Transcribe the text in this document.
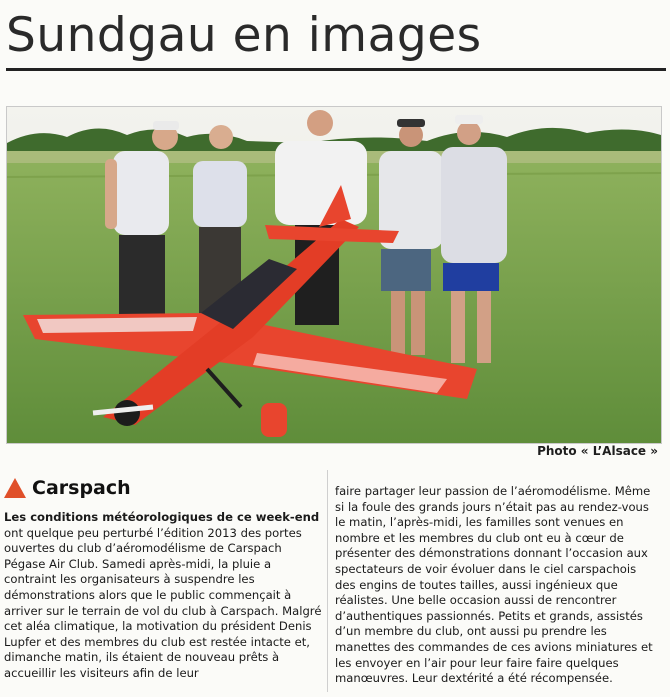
Sundgau en images
Photo « L’Alsace »
Carspach
Les conditions météorologiques de ce week-end ont quelque peu perturbé l’édition 2013 des portes ouvertes du club d’aéromodélisme de Carspach Pégase Air Club. Samedi après-midi, la pluie a contraint les organisateurs à suspendre les démonstrations alors que le public commençait à arriver sur le terrain de vol du club à Carspach. Malgré cet aléa climatique, la motivation du président Denis Lupfer et des membres du club est restée intacte et, dimanche matin, ils étaient de nouveau prêts à accueillir les visiteurs afin de leur
faire partager leur passion de l’aéromodélisme. Même si la foule des grands jours n’était pas au rendez-vous le matin, l’après-midi, les familles sont venues en nombre et les membres du club ont eu à cœur de présenter des démonstrations donnant l’occasion aux spectateurs de voir évoluer dans le ciel carspachois des engins de toutes tailles, aussi ingénieux que réalistes. Une belle occasion aussi de rencontrer d’authentiques passionnés. Petits et grands, assistés d’un membre du club, ont aussi pu prendre les manettes des commandes de ces avions miniatures et les envoyer en l’air pour leur faire faire quelques manœuvres. Leur dextérité a été récompensée.
